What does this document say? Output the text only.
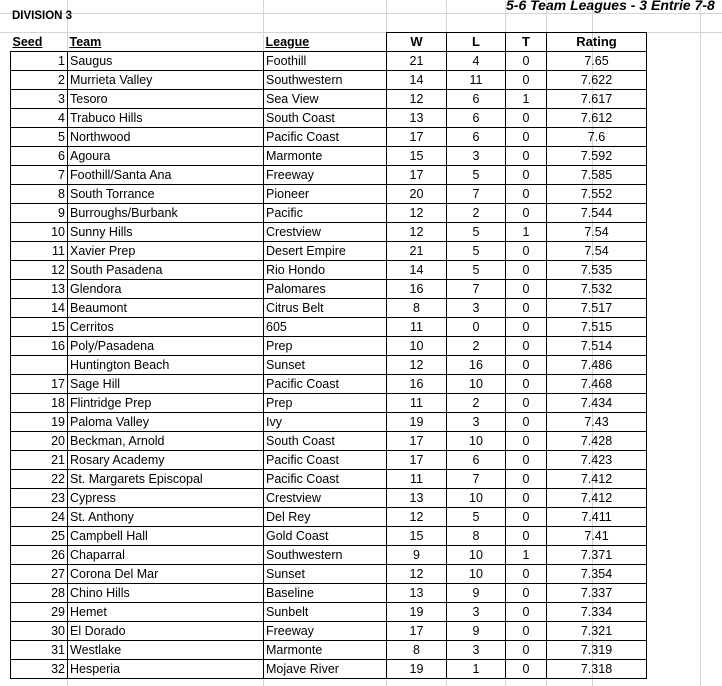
5-6 Team Leagues - 3 Entrie 7-8
DIVISION 3
Seed	Team	League	W	L	T	Rating
1	Saugus	Foothill	21	4	0	7.65
2	Murrieta Valley	Southwestern	14	11	0	7.622
3	Tesoro	Sea View	12	6	1	7.617
4	Trabuco Hills	South Coast	13	6	0	7.612
5	Northwood	Pacific Coast	17	6	0	7.6
6	Agoura	Marmonte	15	3	0	7.592
7	Foothill/Santa Ana	Freeway	17	5	0	7.585
8	South Torrance	Pioneer	20	7	0	7.552
9	Burroughs/Burbank	Pacific	12	2	0	7.544
10	Sunny Hills	Crestview	12	5	1	7.54
11	Xavier Prep	Desert Empire	21	5	0	7.54
12	South Pasadena	Rio Hondo	14	5	0	7.535
13	Glendora	Palomares	16	7	0	7.532
14	Beaumont	Citrus Belt	8	3	0	7.517
15	Cerritos	605	11	0	0	7.515
16	Poly/Pasadena	Prep	10	2	0	7.514
	Huntington Beach	Sunset	12	16	0	7.486
17	Sage Hill	Pacific Coast	16	10	0	7.468
18	Flintridge Prep	Prep	11	2	0	7.434
19	Paloma Valley	Ivy	19	3	0	7.43
20	Beckman, Arnold	South Coast	17	10	0	7.428
21	Rosary Academy	Pacific Coast	17	6	0	7.423
22	St. Margarets Episcopal	Pacific Coast	11	7	0	7.412
23	Cypress	Crestview	13	10	0	7.412
24	St. Anthony	Del Rey	12	5	0	7.411
25	Campbell Hall	Gold Coast	15	8	0	7.41
26	Chaparral	Southwestern	9	10	1	7.371
27	Corona Del Mar	Sunset	12	10	0	7.354
28	Chino Hills	Baseline	13	9	0	7.337
29	Hemet	Sunbelt	19	3	0	7.334
30	El Dorado	Freeway	17	9	0	7.321
31	Westlake	Marmonte	8	3	0	7.319
32	Hesperia	Mojave River	19	1	0	7.318
